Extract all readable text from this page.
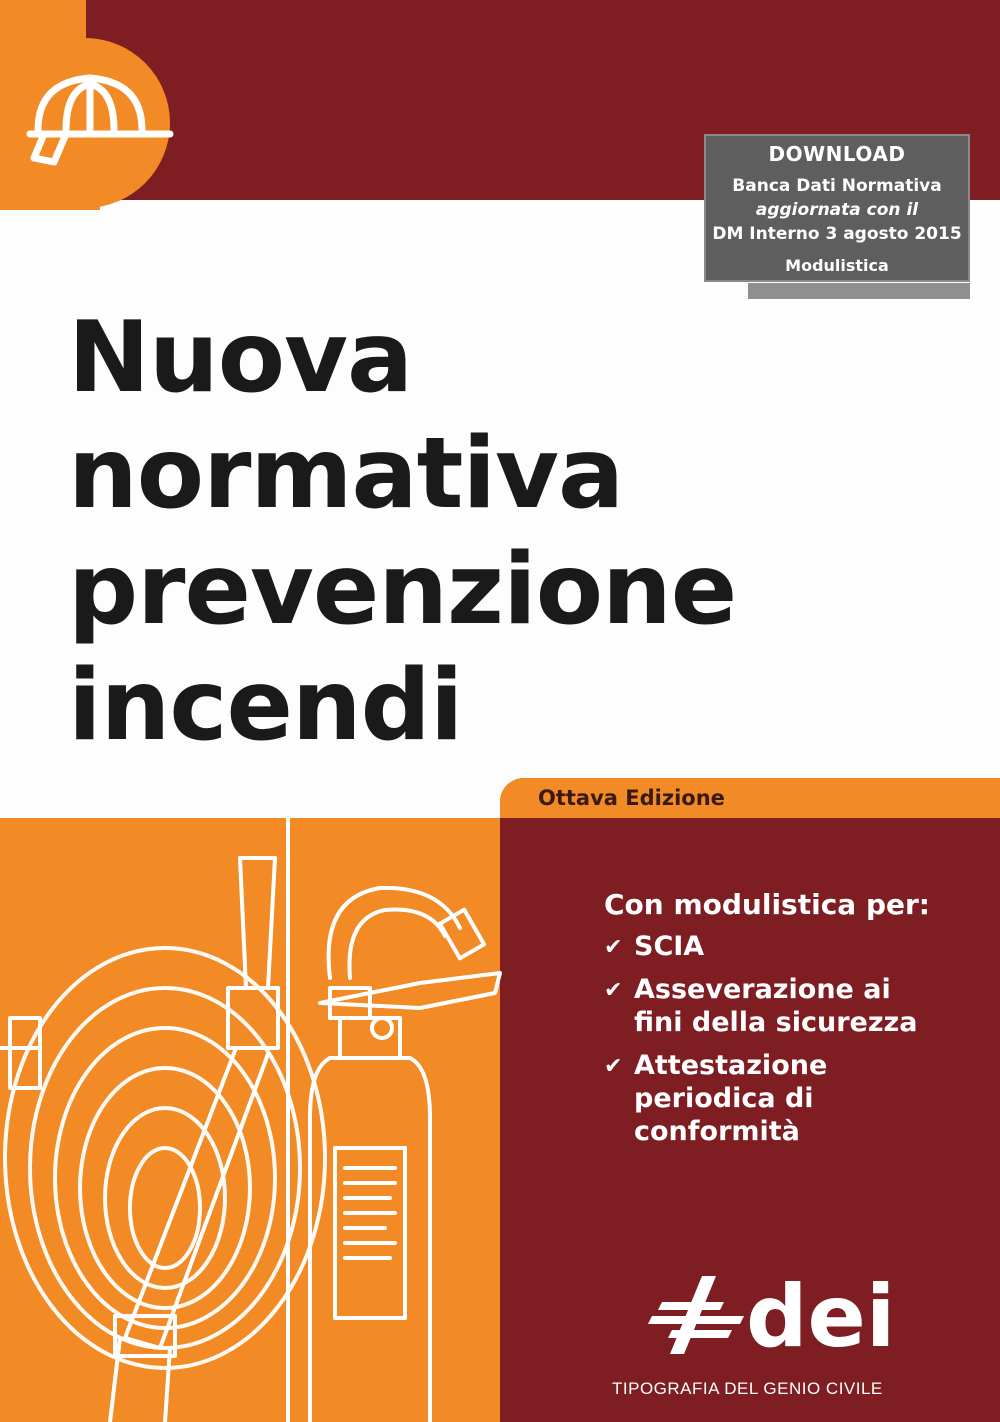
DOWNLOAD
Banca Dati Normativa
aggiornata con il
DM Interno 3 agosto 2015
Modulistica
Nuova
normativa
prevenzione
incendi
Ottava Edizione
Con modulistica per:
✔ SCIA
✔ Asseverazione ai
fini della sicurezza
✔ Attestazione
periodica di
conformità
dei
TIPOGRAFIA DEL GENIO CIVILE
